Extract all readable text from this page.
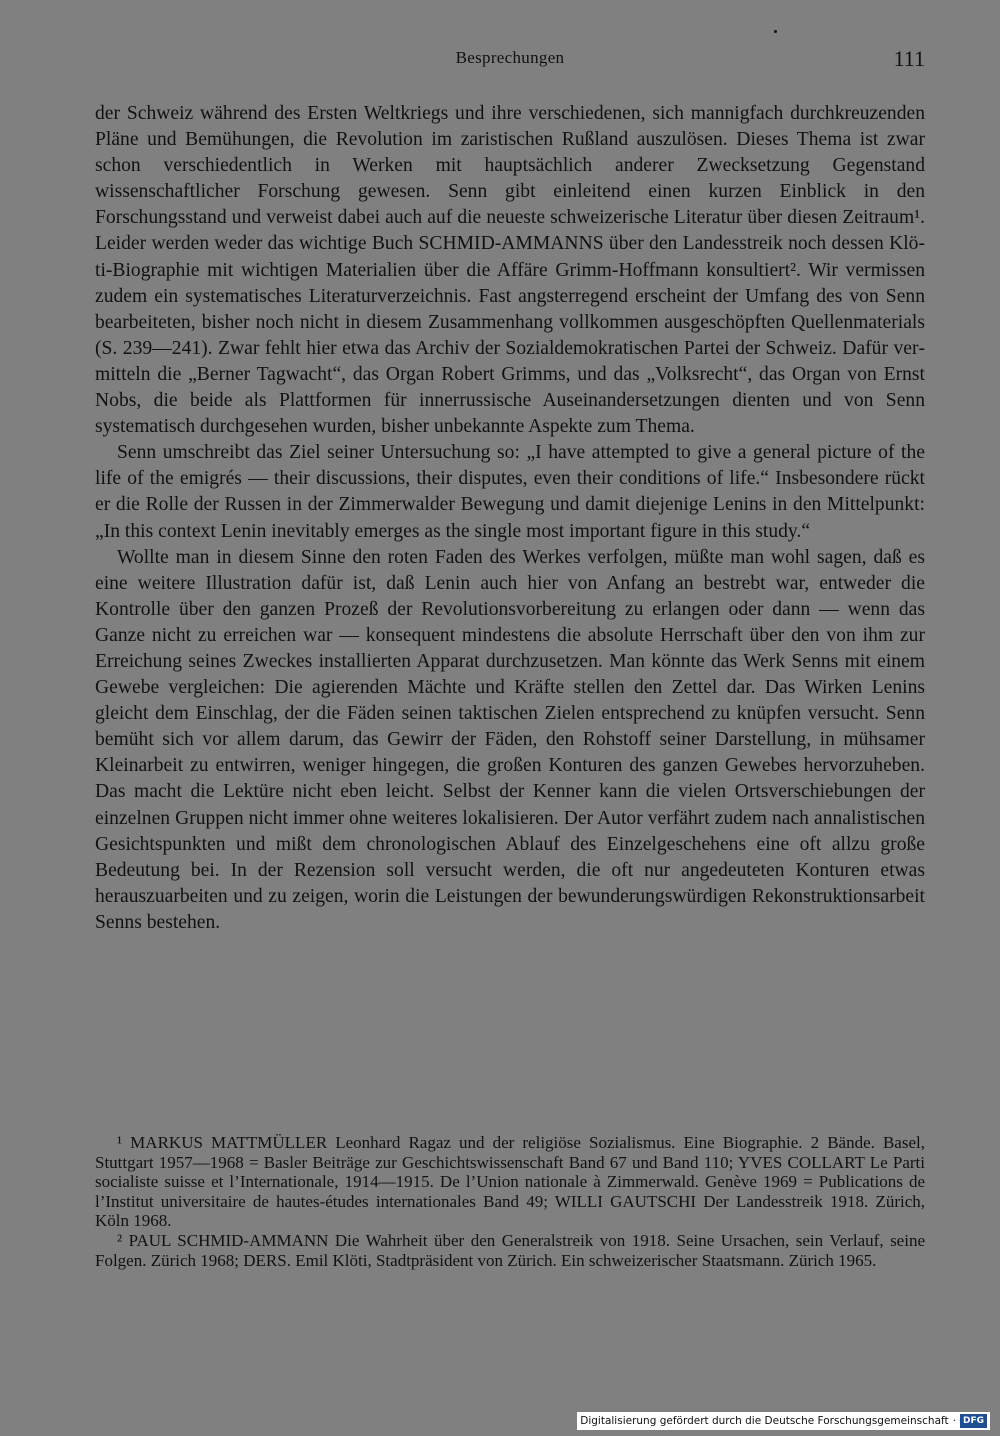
Besprechungen	111

der Schweiz während des Ersten Weltkriegs und ihre verschiedenen, sich mannigfach durchkreuzenden Pläne und Bemühungen, die Revolution im zaristischen Rußland auszulösen. Dieses Thema ist zwar schon verschiedentlich in Werken mit hauptsächlich anderer Zwecksetzung Gegenstand wissenschaftlicher Forschung gewesen. Senn gibt einleitend einen kurzen Einblick in den Forschungsstand und verweist dabei auch auf die neueste schweizerische Literatur über diesen Zeitraum¹. Leider werden weder das wichtige Buch SCHMID-AMMANNS über den Landesstreik noch dessen Klöti-Biographie mit wichtigen Materialien über die Affäre Grimm-Hoffmann konsultiert². Wir vermissen zudem ein systematisches Literaturverzeichnis. Fast angsterregend erscheint der Umfang des von Senn bearbeiteten, bisher noch nicht in diesem Zusammenhang vollkommen ausgeschöpften Quellenmaterials (S. 239—241). Zwar fehlt hier etwa das Archiv der Sozialdemokratischen Partei der Schweiz. Dafür vermitteln die „Berner Tagwacht“, das Organ Robert Grimms, und das „Volksrecht“, das Organ von Ernst Nobs, die beide als Plattformen für innerrussische Auseinandersetzungen dienten und von Senn systematisch durchgesehen wurden, bisher unbekannte Aspekte zum Thema.

Senn umschreibt das Ziel seiner Untersuchung so: „I have attempted to give a general picture of the life of the emigrés — their discussions, their disputes, even their conditions of life.“ Insbesondere rückt er die Rolle der Russen in der Zimmerwalder Bewegung und damit diejenige Lenins in den Mittelpunkt: „In this context Lenin inevitably emerges as the single most important figure in this study.“

Wollte man in diesem Sinne den roten Faden des Werkes verfolgen, müßte man wohl sagen, daß es eine weitere Illustration dafür ist, daß Lenin auch hier von Anfang an bestrebt war, entweder die Kontrolle über den ganzen Prozeß der Revolutionsvorbereitung zu erlangen oder dann — wenn das Ganze nicht zu erreichen war — konsequent mindestens die absolute Herrschaft über den von ihm zur Erreichung seines Zweckes installierten Apparat durchzusetzen. Man könnte das Werk Senns mit einem Gewebe vergleichen: Die agierenden Mächte und Kräfte stellen den Zettel dar. Das Wirken Lenins gleicht dem Einschlag, der die Fäden seinen taktischen Zielen entsprechend zu knüpfen versucht. Senn bemüht sich vor allem darum, das Gewirr der Fäden, den Rohstoff seiner Darstellung, in mühsamer Kleinarbeit zu entwirren, weniger hingegen, die großen Konturen des ganzen Gewebes hervorzuheben. Das macht die Lektüre nicht eben leicht. Selbst der Kenner kann die vielen Ortsverschiebungen der einzelnen Gruppen nicht immer ohne weiteres lokalisieren. Der Autor verfährt zudem nach annalistischen Gesichtspunkten und mißt dem chronologischen Ablauf des Einzelgeschehens eine oft allzu große Bedeutung bei. In der Rezension soll versucht werden, die oft nur angedeuteten Konturen etwas herauszuarbeiten und zu zeigen, worin die Leistungen der bewunderungswürdigen Rekonstruktionsarbeit Senns bestehen.

¹ MARKUS MATTMÜLLER Leonhard Ragaz und der religiöse Sozialismus. Eine Biographie. 2 Bände. Basel, Stuttgart 1957—1968 = Basler Beiträge zur Geschichtswissenschaft Band 67 und Band 110; YVES COLLART Le Parti socialiste suisse et l’Internationale, 1914—1915. De l’Union nationale à Zimmerwald. Genève 1969 = Publications de l’Institut universitaire de hautes-études internationales Band 49; WILLI GAUTSCHI Der Landesstreik 1918. Zürich, Köln 1968.

² PAUL SCHMID-AMMANN Die Wahrheit über den Generalstreik von 1918. Seine Ursachen, sein Verlauf, seine Folgen. Zürich 1968; DERS. Emil Klöti, Stadtpräsident von Zürich. Ein schweizerischer Staatsmann. Zürich 1965.

Digitalisierung gefördert durch die Deutsche Forschungsgemeinschaft · DFG
